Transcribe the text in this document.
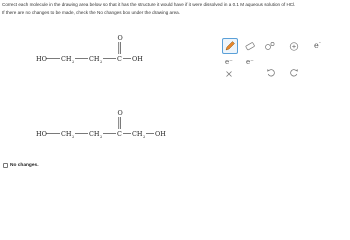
Correct each molecule in the drawing area below so that it has the structure it would have if it were dissolved in a 0.1 M aqueous solution of HCl.

If there are no changes to be made, check the No changes box under the drawing area.

HO CH 2 CH 2 C OH
O
HO CH 2 CH 2 C CH 2 OH
O
e -
e⁻ e⁻
No changes.
